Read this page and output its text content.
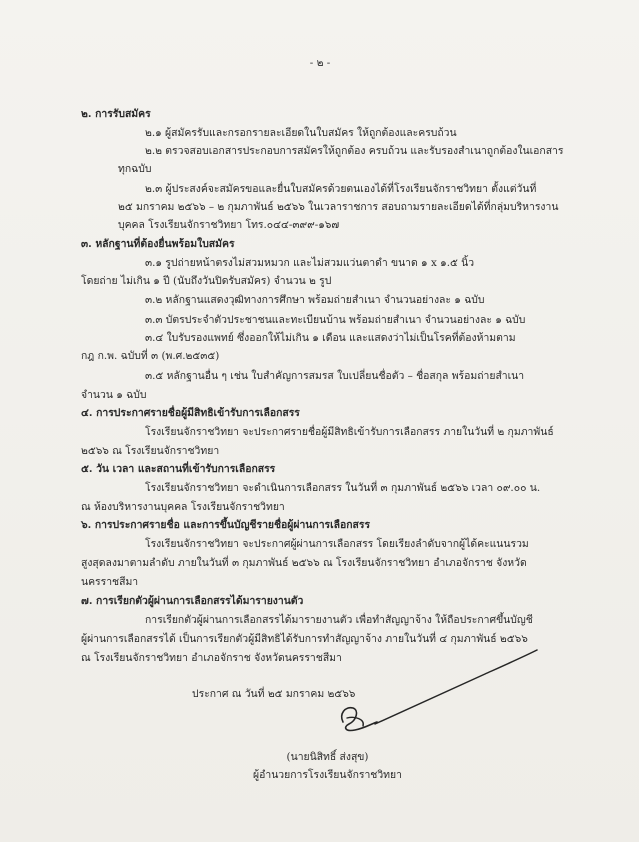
- ๒ -
๒. การรับสมัคร
๒.๑ ผู้สมัครรับและกรอกรายละเอียดในใบสมัคร ให้ถูกต้องและครบถ้วน
๒.๒ ตรวจสอบเอกสารประกอบการสมัครให้ถูกต้อง ครบถ้วน และรับรองสำเนาถูกต้องในเอกสาร
ทุกฉบับ
๒.๓ ผู้ประสงค์จะสมัครขอและยื่นใบสมัครด้วยตนเองได้ที่โรงเรียนจักราชวิทยา ตั้งแต่วันที่
๒๕ มกราคม ๒๕๖๖ – ๒ กุมภาพันธ์ ๒๕๖๖ ในเวลาราชการ สอบถามรายละเอียดได้ที่กลุ่มบริหารงาน
บุคคล โรงเรียนจักราชวิทยา โทร.๐๔๔-๓๙๙-๑๖๗
๓. หลักฐานที่ต้องยื่นพร้อมใบสมัคร
๓.๑ รูปถ่ายหน้าตรงไม่สวมหมวก และไม่สวมแว่นตาดำ ขนาด ๑ x ๑.๕ นิ้ว
โดยถ่าย ไม่เกิน ๑ ปี (นับถึงวันปิดรับสมัคร) จำนวน ๒ รูป
๓.๒ หลักฐานแสดงวุฒิทางการศึกษา พร้อมถ่ายสำเนา จำนวนอย่างละ ๑ ฉบับ
๓.๓ บัตรประจำตัวประชาชนและทะเบียนบ้าน พร้อมถ่ายสำเนา จำนวนอย่างละ ๑ ฉบับ
๓.๔ ใบรับรองแพทย์ ซึ่งออกให้ไม่เกิน ๑ เดือน และแสดงว่าไม่เป็นโรคที่ต้องห้ามตาม
กฎ ก.พ. ฉบับที่ ๓ (พ.ศ.๒๕๓๕)
๓.๕ หลักฐานอื่น ๆ เช่น ใบสำคัญการสมรส ใบเปลี่ยนชื่อตัว – ชื่อสกุล พร้อมถ่ายสำเนา
จำนวน ๑ ฉบับ
๔. การประกาศรายชื่อผู้มีสิทธิเข้ารับการเลือกสรร
โรงเรียนจักราชวิทยา จะประกาศรายชื่อผู้มีสิทธิเข้ารับการเลือกสรร ภายในวันที่ ๒ กุมภาพันธ์
๒๕๖๖ ณ โรงเรียนจักราชวิทยา
๕. วัน เวลา และสถานที่เข้ารับการเลือกสรร
โรงเรียนจักราชวิทยา จะดำเนินการเลือกสรร ในวันที่ ๓ กุมภาพันธ์ ๒๕๖๖ เวลา ๐๙.๐๐ น.
ณ ห้องบริหารงานบุคคล โรงเรียนจักราชวิทยา
๖. การประกาศรายชื่อ และการขึ้นบัญชีรายชื่อผู้ผ่านการเลือกสรร
โรงเรียนจักราชวิทยา จะประกาศผู้ผ่านการเลือกสรร โดยเรียงลำดับจากผู้ได้คะแนนรวม
สูงสุดลงมาตามลำดับ ภายในวันที่ ๓ กุมภาพันธ์ ๒๕๖๖ ณ โรงเรียนจักราชวิทยา อำเภอจักราช จังหวัด
นครราชสีมา
๗. การเรียกตัวผู้ผ่านการเลือกสรรได้มารายงานตัว
การเรียกตัวผู้ผ่านการเลือกสรรได้มารายงานตัว เพื่อทำสัญญาจ้าง ให้ถือประกาศขึ้นบัญชี
ผู้ผ่านการเลือกสรรได้ เป็นการเรียกตัวผู้มีสิทธิได้รับการทำสัญญาจ้าง ภายในวันที่ ๔ กุมภาพันธ์ ๒๕๖๖
ณ โรงเรียนจักราชวิทยา อำเภอจักราช จังหวัดนครราชสีมา
ประกาศ ณ วันที่ ๒๕ มกราคม ๒๕๖๖
(นายนิสิทธิ์ ส่งสุข)
ผู้อำนวยการโรงเรียนจักราชวิทยา
